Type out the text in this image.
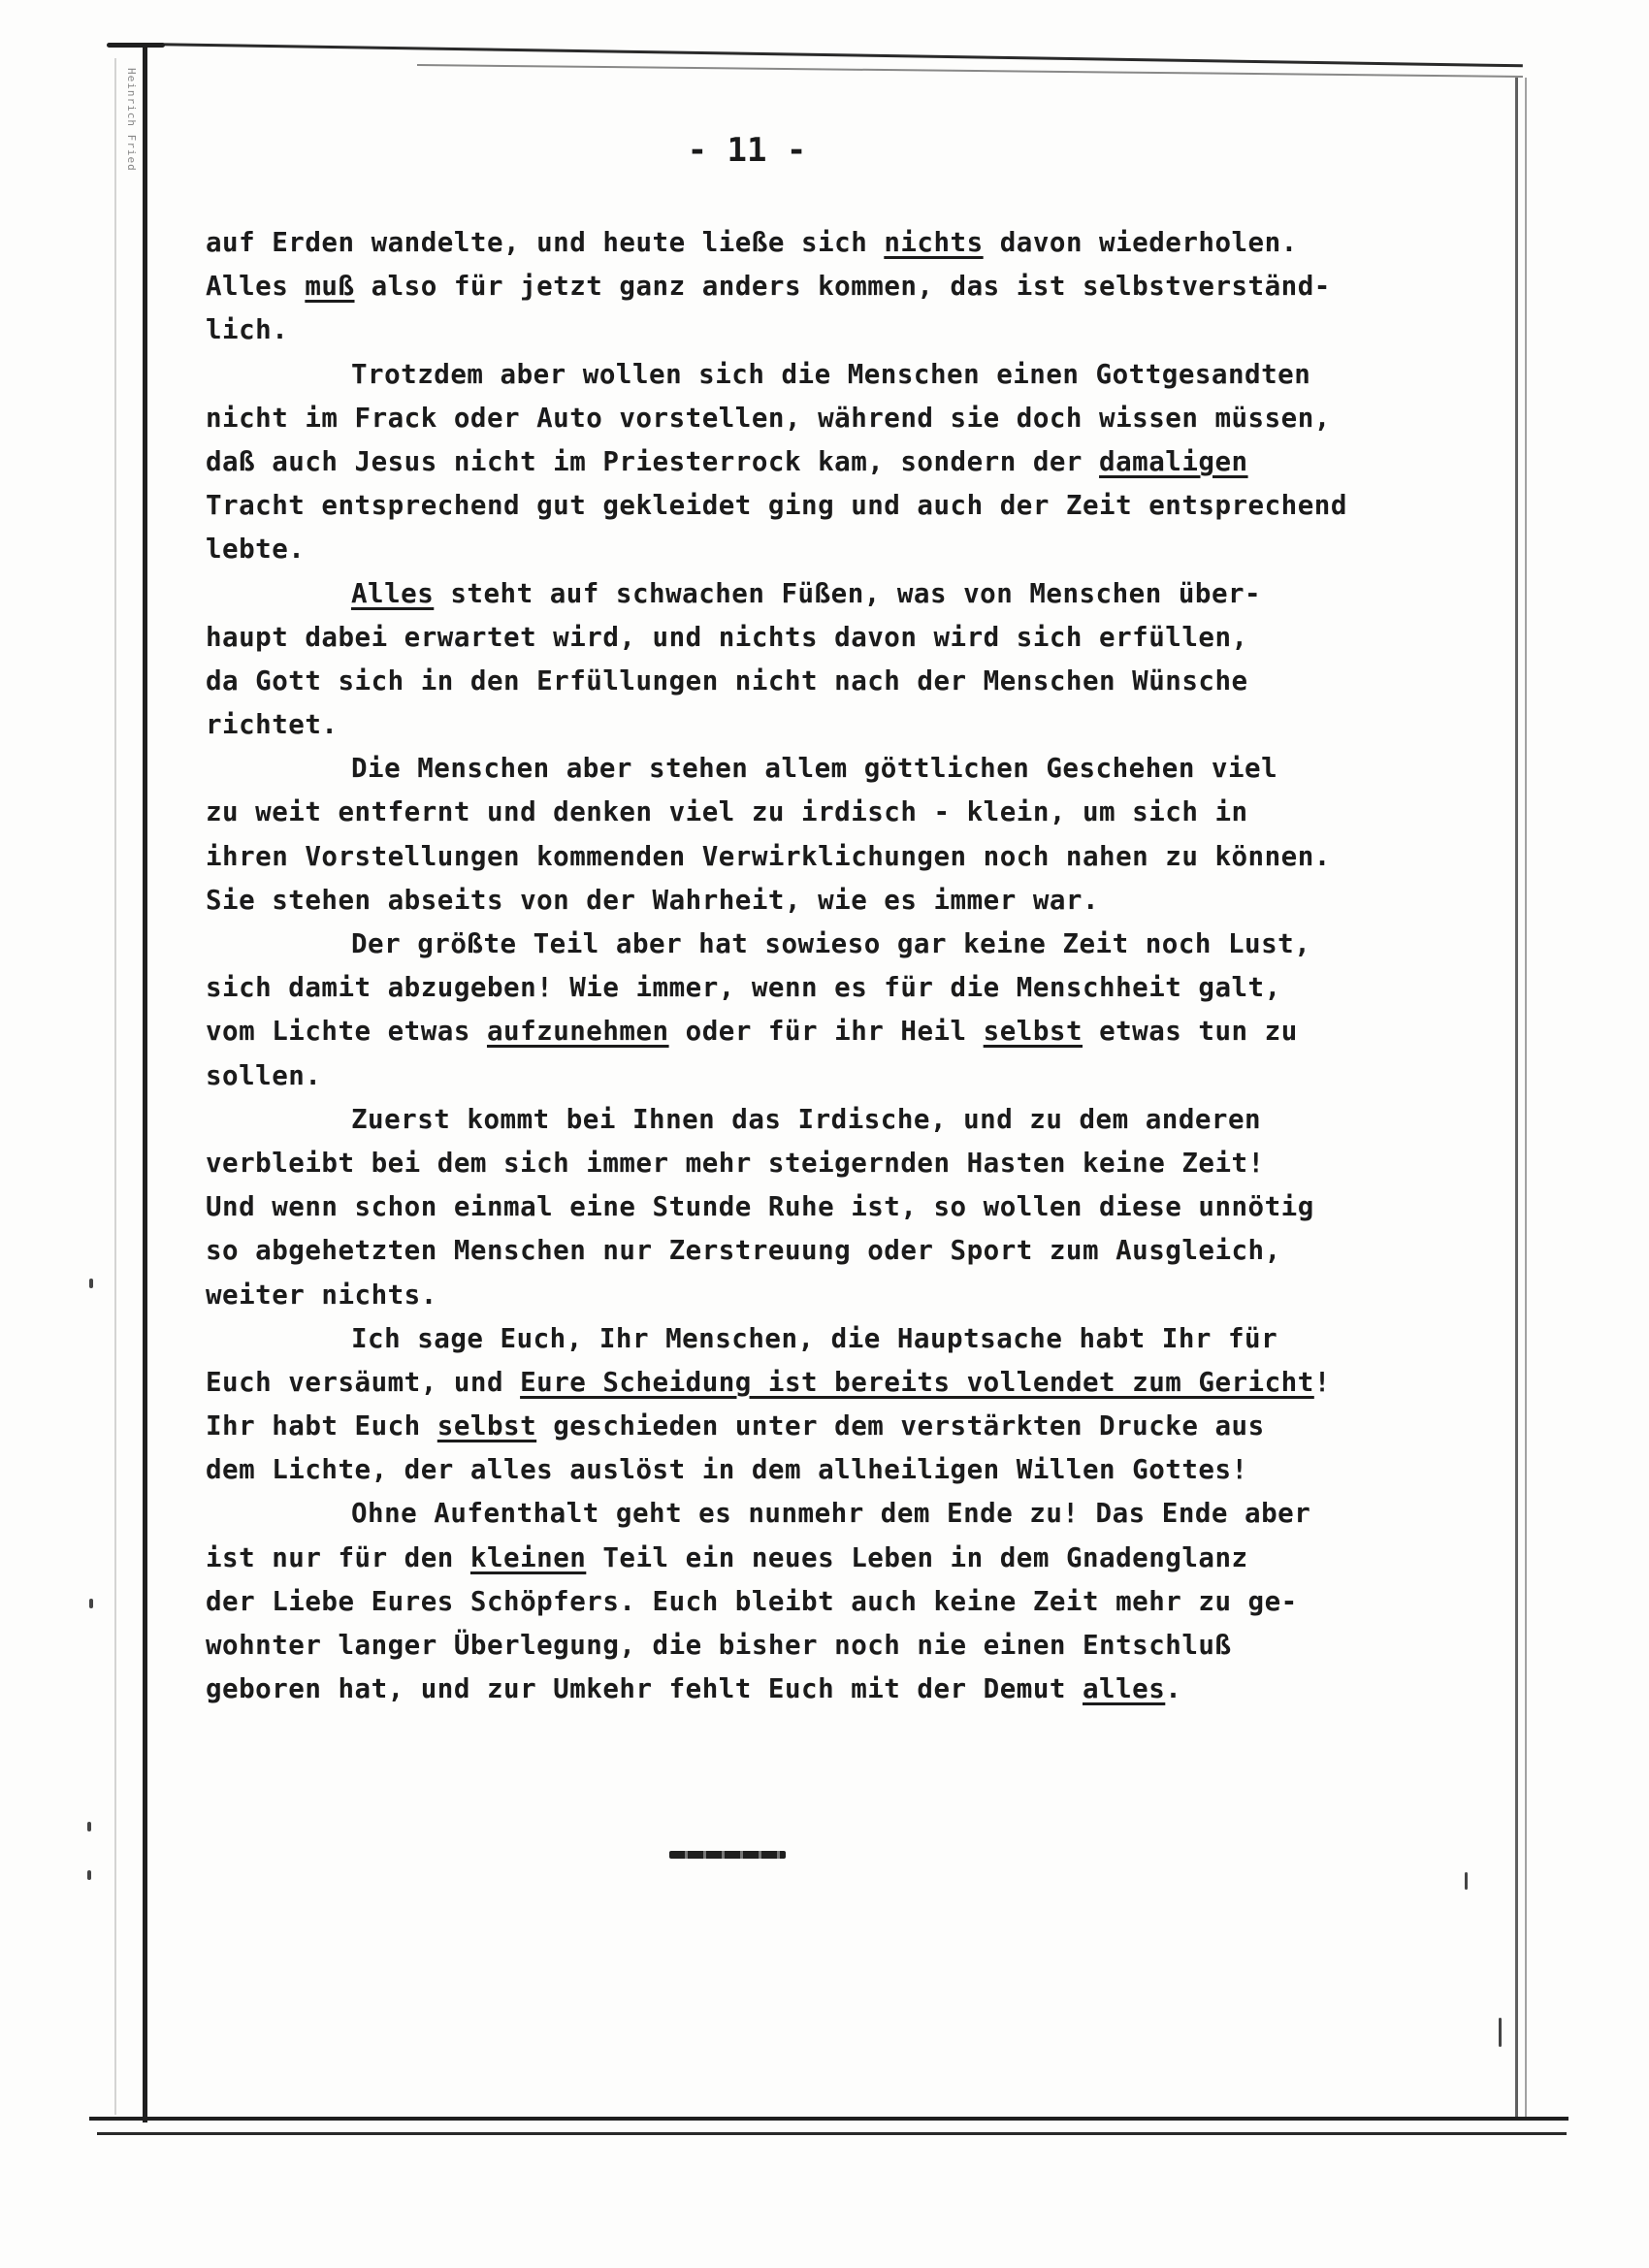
Heinrich Fried	- 11 -
auf Erden wandelte, und heute ließe sich nichts davon wiederholen.
Alles muß also für jetzt ganz anders kommen, das ist selbstverständ-
lich.
Trotzdem aber wollen sich die Menschen einen Gottgesandten
nicht im Frack oder Auto vorstellen, während sie doch wissen müssen,
daß auch Jesus nicht im Priesterrock kam, sondern der damaligen
Tracht entsprechend gut gekleidet ging und auch der Zeit entsprechend
lebte.
Alles steht auf schwachen Füßen, was von Menschen über-
haupt dabei erwartet wird, und nichts davon wird sich erfüllen,
da Gott sich in den Erfüllungen nicht nach der Menschen Wünsche
richtet.
Die Menschen aber stehen allem göttlichen Geschehen viel
zu weit entfernt und denken viel zu irdisch - klein, um sich in
ihren Vorstellungen kommenden Verwirklichungen noch nahen zu können.
Sie stehen abseits von der Wahrheit, wie es immer war.
Der größte Teil aber hat sowieso gar keine Zeit noch Lust,
sich damit abzugeben! Wie immer, wenn es für die Menschheit galt,
vom Lichte etwas aufzunehmen oder für ihr Heil selbst etwas tun zu
sollen.
Zuerst kommt bei Ihnen das Irdische, und zu dem anderen
verbleibt bei dem sich immer mehr steigernden Hasten keine Zeit!
Und wenn schon einmal eine Stunde Ruhe ist, so wollen diese unnötig
so abgehetzten Menschen nur Zerstreuung oder Sport zum Ausgleich,
weiter nichts.
Ich sage Euch, Ihr Menschen, die Hauptsache habt Ihr für
Euch versäumt, und Eure Scheidung ist bereits vollendet zum Gericht!
Ihr habt Euch selbst geschieden unter dem verstärkten Drucke aus
dem Lichte, der alles auslöst in dem allheiligen Willen Gottes!
Ohne Aufenthalt geht es nunmehr dem Ende zu! Das Ende aber
ist nur für den kleinen Teil ein neues Leben in dem Gnadenglanz
der Liebe Eures Schöpfers. Euch bleibt auch keine Zeit mehr zu ge-
wohnter langer Überlegung, die bisher noch nie einen Entschluß
geboren hat, und zur Umkehr fehlt Euch mit der Demut alles.
